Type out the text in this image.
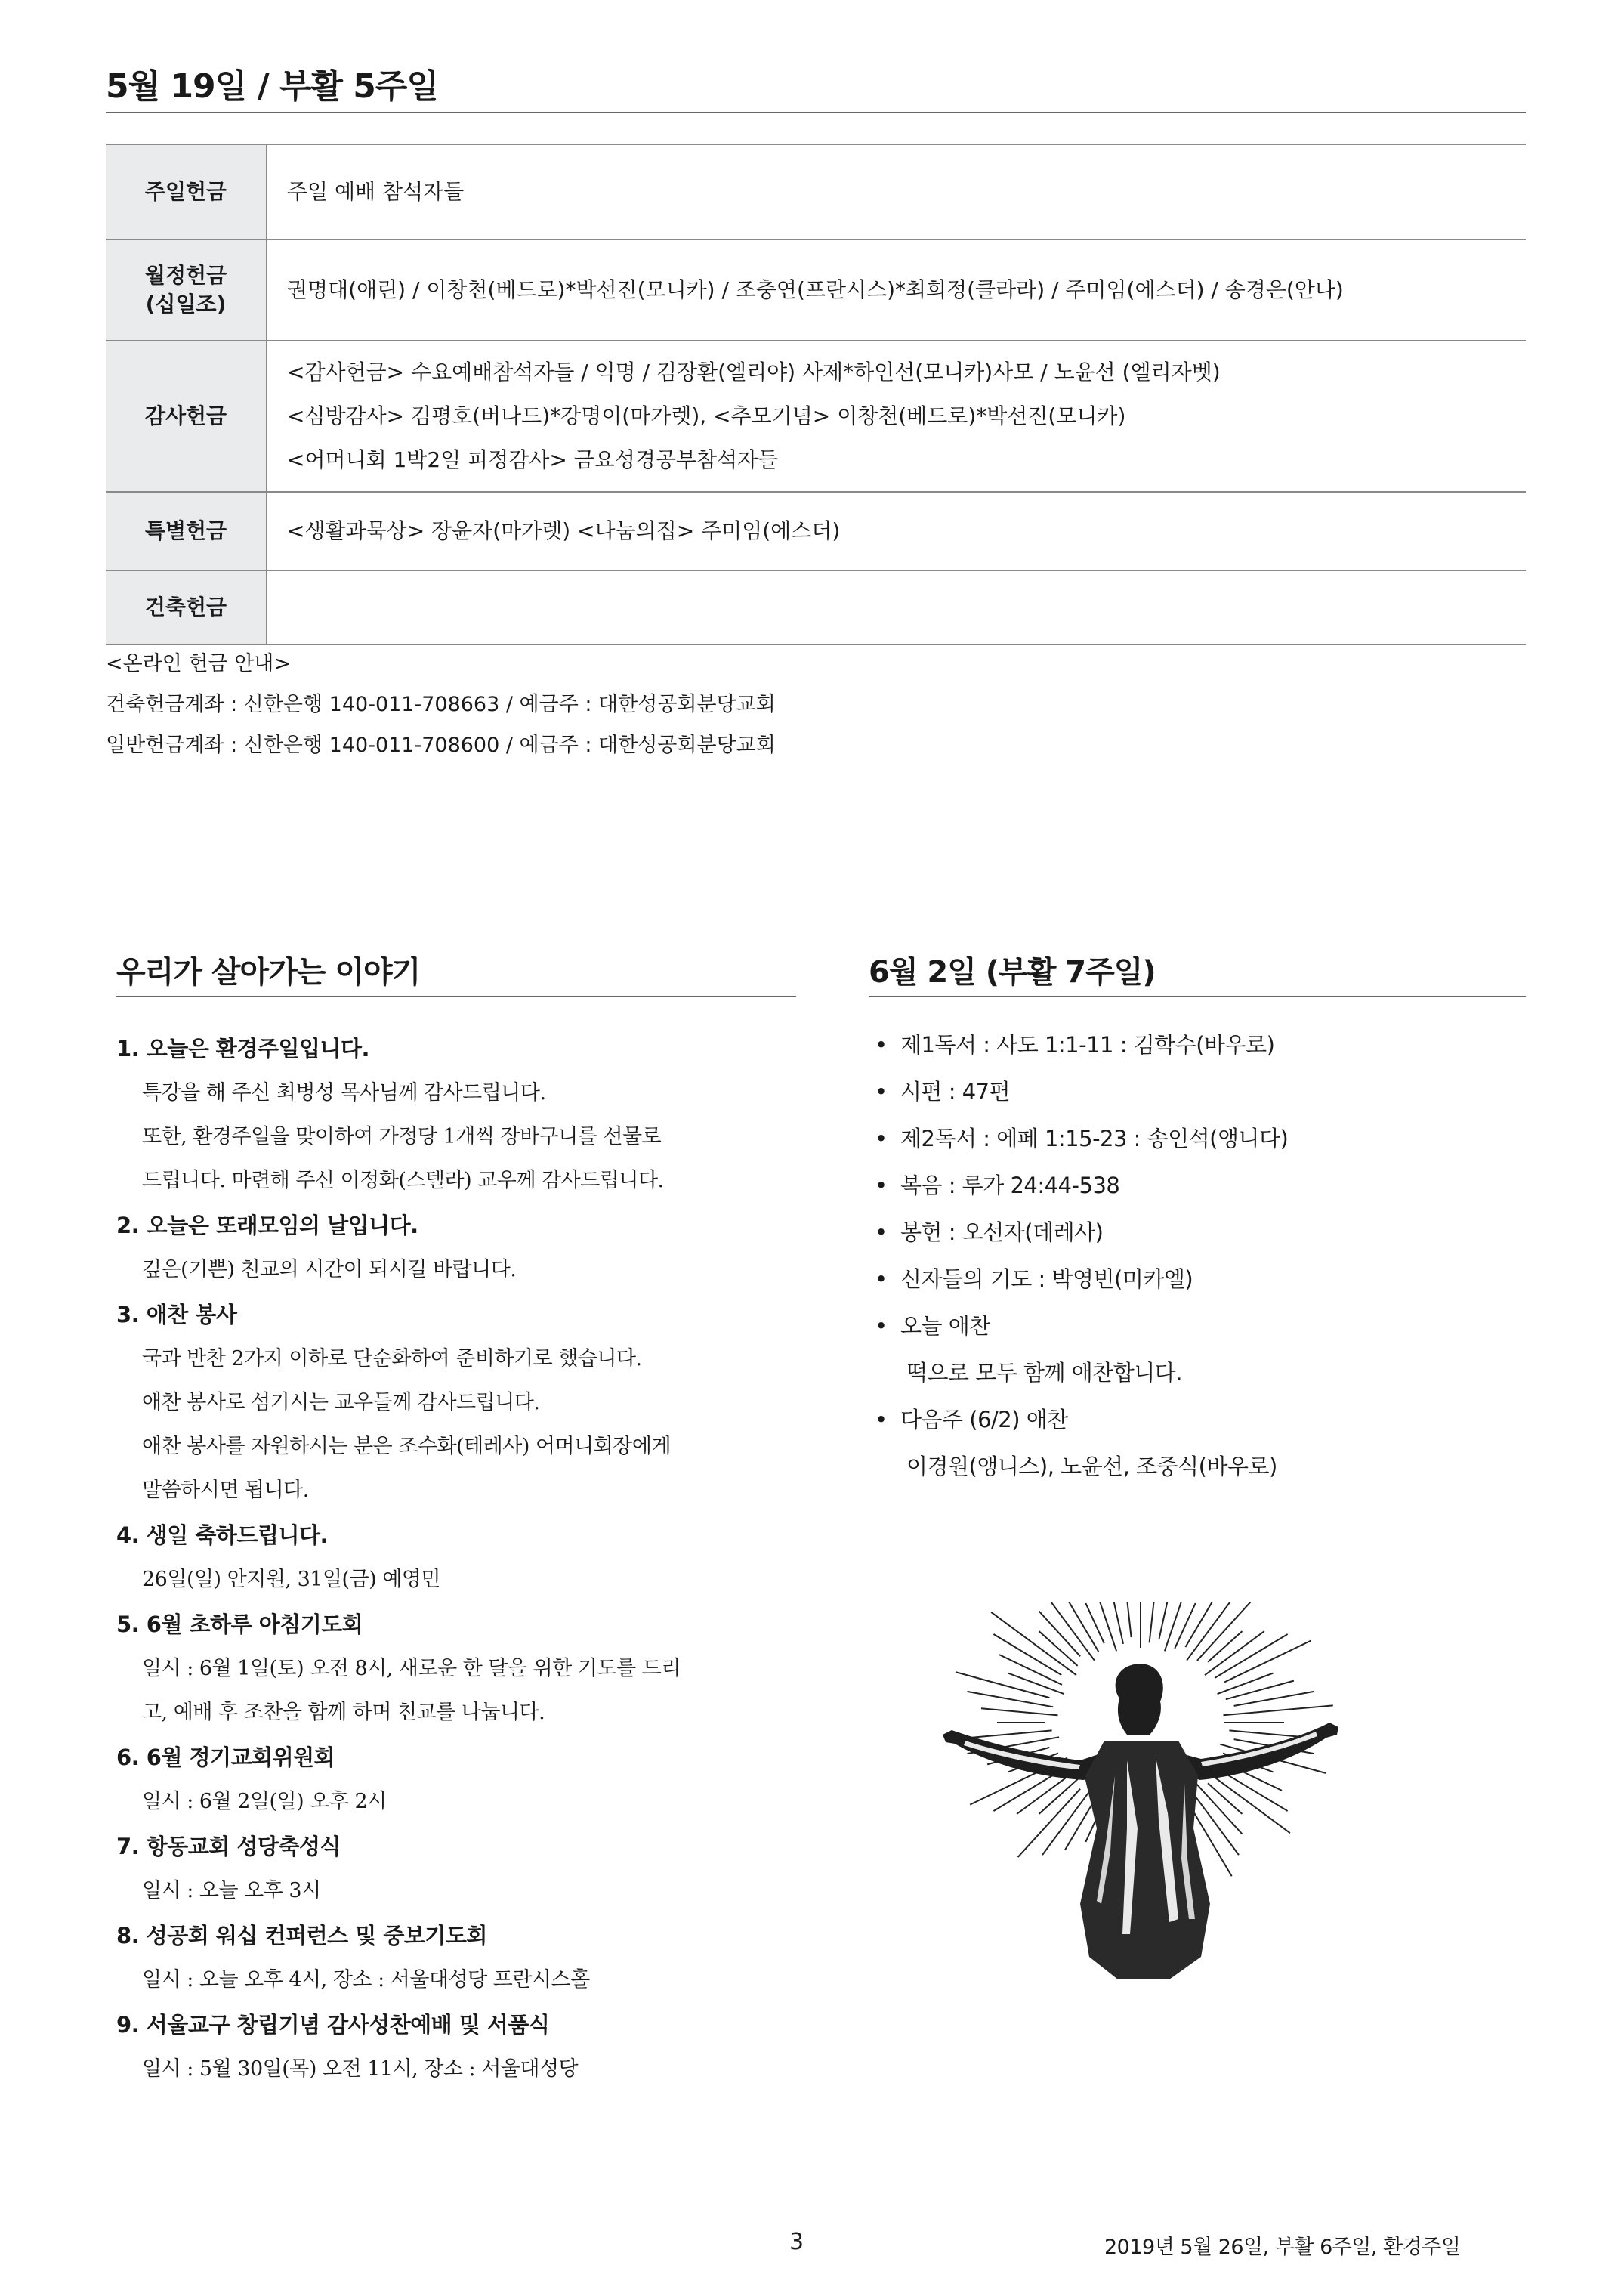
5월 19일 / 부활 5주일
주일헌금	주일 예배 참석자들

월정헌금
(십일조)	권명대(애린) / 이창천(베드로)*박선진(모니카) / 조충연(프란시스)*최희정(클라라) / 주미임(에스더) / 송경은(안나)

감사헌금	<감사헌금> 수요예배참석자들 / 익명 / 김장환(엘리야) 사제*하인선(모니카)사모 / 노윤선 (엘리자벳)
<심방감사> 김평호(버나드)*강명이(마가렛), <추모기념> 이창천(베드로)*박선진(모니카)
<어머니회 1박2일 피정감사> 금요성경공부참석자들

특별헌금	<생활과묵상> 장윤자(마가렛) <나눔의집> 주미임(에스더)

건축헌금	
<온라인 헌금 안내>
건축헌금계좌 : 신한은행 140-011-708663 / 예금주 : 대한성공회분당교회
일반헌금계좌 : 신한은행 140-011-708600 / 예금주 : 대한성공회분당교회
우리가 살아가는 이야기	6월 2일 (부활 7주일)
1. 오늘은 환경주일입니다.
특강을 해 주신 최병성 목사님께 감사드립니다.
또한, 환경주일을 맞이하여 가정당 1개씩 장바구니를 선물로
드립니다. 마련해 주신 이정화(스텔라) 교우께 감사드립니다.
2. 오늘은 또래모임의 날입니다.
깊은(기쁜) 친교의 시간이 되시길 바랍니다.
3. 애찬 봉사
국과 반찬 2가지 이하로 단순화하여 준비하기로 했습니다.
애찬 봉사로 섬기시는 교우들께 감사드립니다.
애찬 봉사를 자원하시는 분은 조수화(테레사) 어머니회장에게
말씀하시면 됩니다.
4. 생일 축하드립니다.
26일(일) 안지원, 31일(금) 예영민
5. 6월 초하루 아침기도회
일시 : 6월 1일(토) 오전 8시, 새로운 한 달을 위한 기도를 드리
고, 예배 후 조찬을 함께 하며 친교를 나눕니다.
6. 6월 정기교회위원회
일시 : 6월 2일(일) 오후 2시
7. 항동교회 성당축성식
일시 : 오늘 오후 3시
8. 성공회 워십 컨퍼런스 및 중보기도회
일시 : 오늘 오후 4시, 장소 : 서울대성당 프란시스홀
9. 서울교구 창립기념 감사성찬예배 및 서품식
일시 : 5월 30일(목) 오전 11시, 장소 : 서울대성당
• 제1독서 : 사도 1:1-11 : 김학수(바우로)
• 시편 : 47편
• 제2독서 : 에페 1:15-23 : 송인석(앵니다)
• 복음 : 루가 24:44-538
• 봉헌 : 오선자(데레사)
• 신자들의 기도 : 박영빈(미카엘)
• 오늘 애찬
떡으로 모두 함께 애찬합니다.
• 다음주 (6/2) 애찬
이경원(앵니스), 노윤선, 조중식(바우로)
3	2019년 5월 26일, 부활 6주일, 환경주일
